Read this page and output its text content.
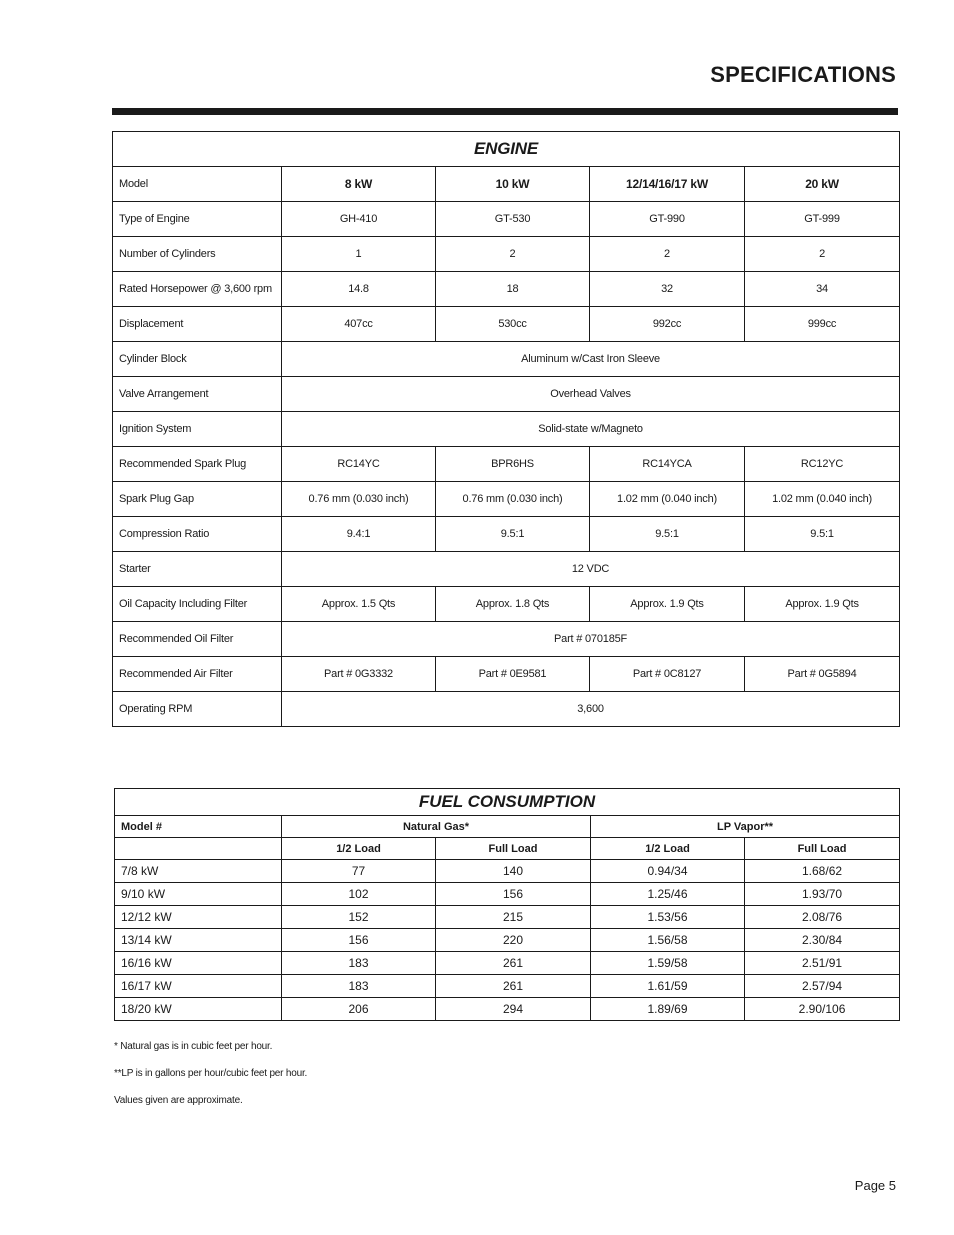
SPECIFICATIONS
ENGINE				
Model	8 kW	10 kW	12/14/16/17 kW	20 kW
Type of Engine	GH-410	GT-530	GT-990	GT-999
Number of Cylinders	1	2	2	2
Rated Horsepower @ 3,600 rpm	14.8	18	32	34
Displacement	407cc	530cc	992cc	999cc
Cylinder Block	Aluminum w/Cast Iron Sleeve			
Valve Arrangement	Overhead Valves			
Ignition System	Solid-state w/Magneto			
Recommended Spark Plug	RC14YC	BPR6HS	RC14YCA	RC12YC
Spark Plug Gap	0.76 mm (0.030 inch)	0.76 mm (0.030 inch)	1.02 mm (0.040 inch)	1.02 mm (0.040 inch)
Compression Ratio	9.4:1	9.5:1	9.5:1	9.5:1
Starter	12 VDC			
Oil Capacity Including Filter	Approx. 1.5 Qts	Approx. 1.8 Qts	Approx. 1.9 Qts	Approx. 1.9 Qts
Recommended Oil Filter	Part # 070185F			
Recommended Air Filter	Part # 0G3332	Part # 0E9581	Part # 0C8127	Part # 0G5894
Operating RPM	3,600			
FUEL CONSUMPTION				
Model #	Natural Gas*		LP Vapor**	
	1/2 Load	Full Load	1/2 Load	Full Load
7/8 kW	77	140	0.94/34	1.68/62
9/10 kW	102	156	1.25/46	1.93/70
12/12 kW	152	215	1.53/56	2.08/76
13/14 kW	156	220	1.56/58	2.30/84
16/16 kW	183	261	1.59/58	2.51/91
16/17 kW	183	261	1.61/59	2.57/94
18/20 kW	206	294	1.89/69	2.90/106
* Natural gas is in cubic feet per hour.
**LP is in gallons per hour/cubic feet per hour.
Values given are approximate.
Page 5
